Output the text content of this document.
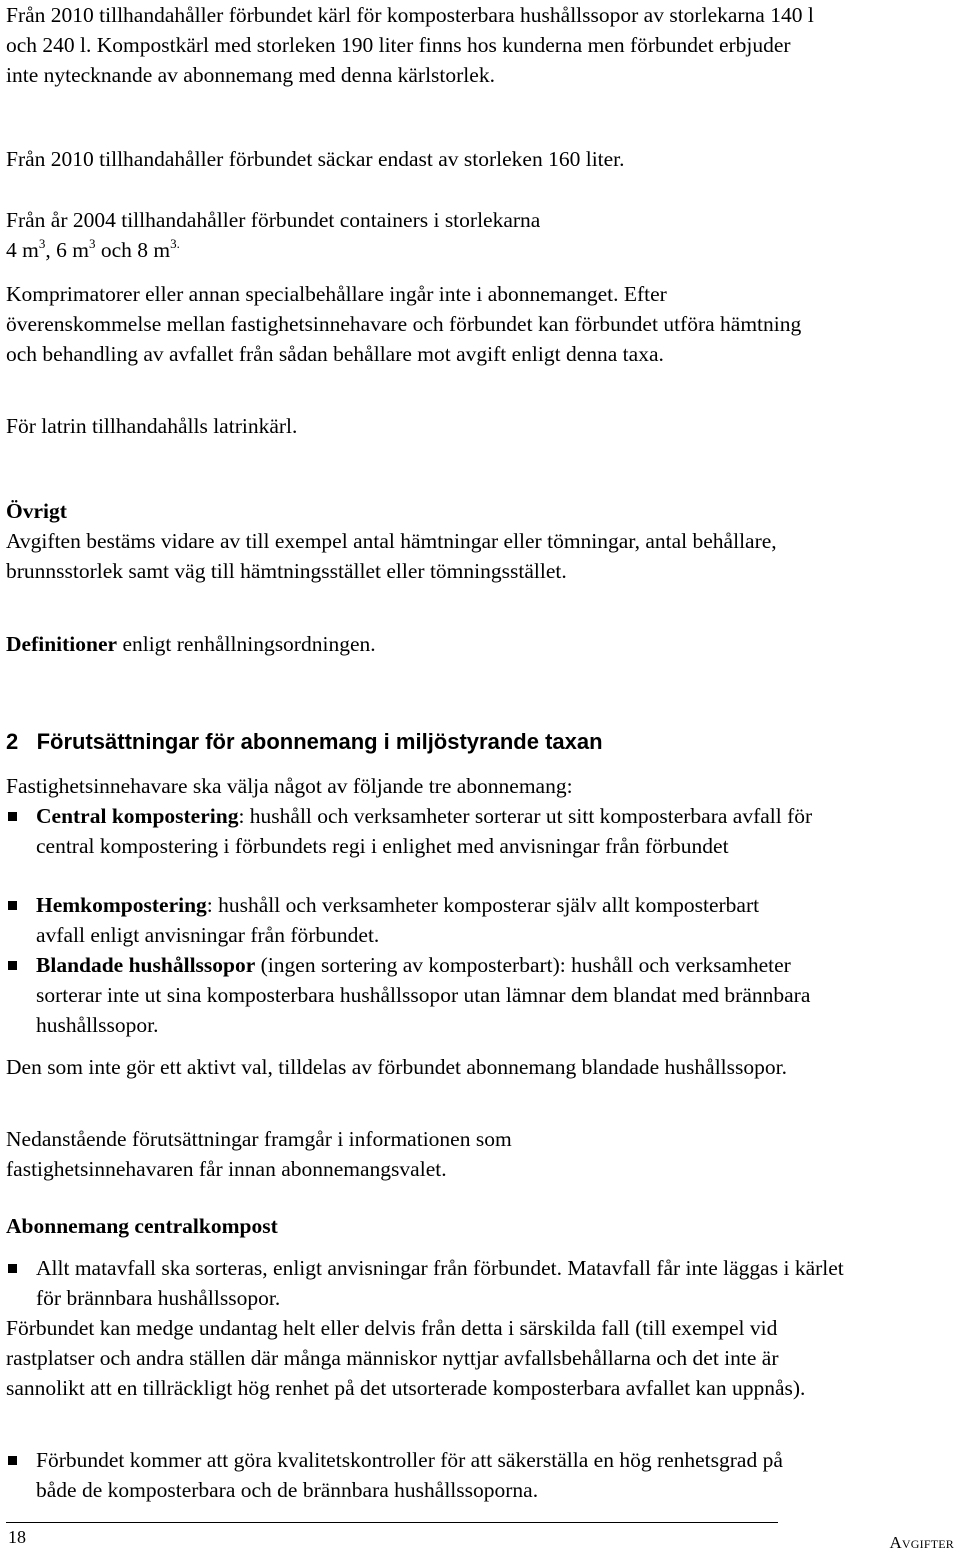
Från 2010 tillhandahåller förbundet kärl för komposterbara hushållssopor av storlekarna 140 l och 240 l. Kompostkärl med storleken 190 liter finns hos kunderna men förbundet erbjuder inte nytecknande av abonnemang med denna kärlstorlek.

Från 2010 tillhandahåller förbundet säckar endast av storleken 160 liter.

Från år 2004 tillhandahåller förbundet containers i storlekarna

4 $m^3$, 6 $m^3$ och 8 $m^{3.}$

Komprimatorer eller annan specialbehållare ingår inte i abonnemanget. Efter överenskommelse mellan fastighetsinnehavare och förbundet kan förbundet utföra hämtning och behandling av avfallet från sådan behållare mot avgift enligt denna taxa.

För latrin tillhandahålls latrinkärl.

Övrigt

Avgiften bestäms vidare av till exempel antal hämtningar eller tömningar, antal behållare, brunnsstorlek samt väg till hämtningsstället eller tömningsstället.

Definitioner enligt renhållningsordningen.

2   Förutsättningar för abonnemang i miljöstyrande taxan

Fastighetsinnehavare ska välja något av följande tre abonnemang:

Central kompostering: hushåll och verksamheter sorterar ut sitt komposterbara avfall för central kompostering i förbundets regi i enlighet med anvisningar från förbundet

Hemkompostering: hushåll och verksamheter komposterar själv allt komposterbart avfall enligt anvisningar från förbundet.

Blandade hushållssopor (ingen sortering av komposterbart): hushåll och verksamheter sorterar inte ut sina komposterbara hushållssopor utan lämnar dem blandat med brännbara hushållssopor.

Den som inte gör ett aktivt val, tilldelas av förbundet abonnemang blandade hushållssopor.

Nedanstående förutsättningar framgår i informationen som fastighetsinnehavaren får innan abonnemangsvalet.

Abonnemang centralkompost

Allt matavfall ska sorteras, enligt anvisningar från förbundet. Matavfall får inte läggas i kärlet för brännbara hushållssopor.

Förbundet kan medge undantag helt eller delvis från detta i särskilda fall (till exempel vid rastplatser och andra ställen där många människor nyttjar avfallsbehållarna och det inte är sannolikt att en tillräckligt hög renhet på det utsorterade komposterbara avfallet kan uppnås).

Förbundet kommer att göra kvalitetskontroller för att säkerställa en hög renhetsgrad på både de komposterbara och de brännbara hushållssoporna.

18	Avgifter
